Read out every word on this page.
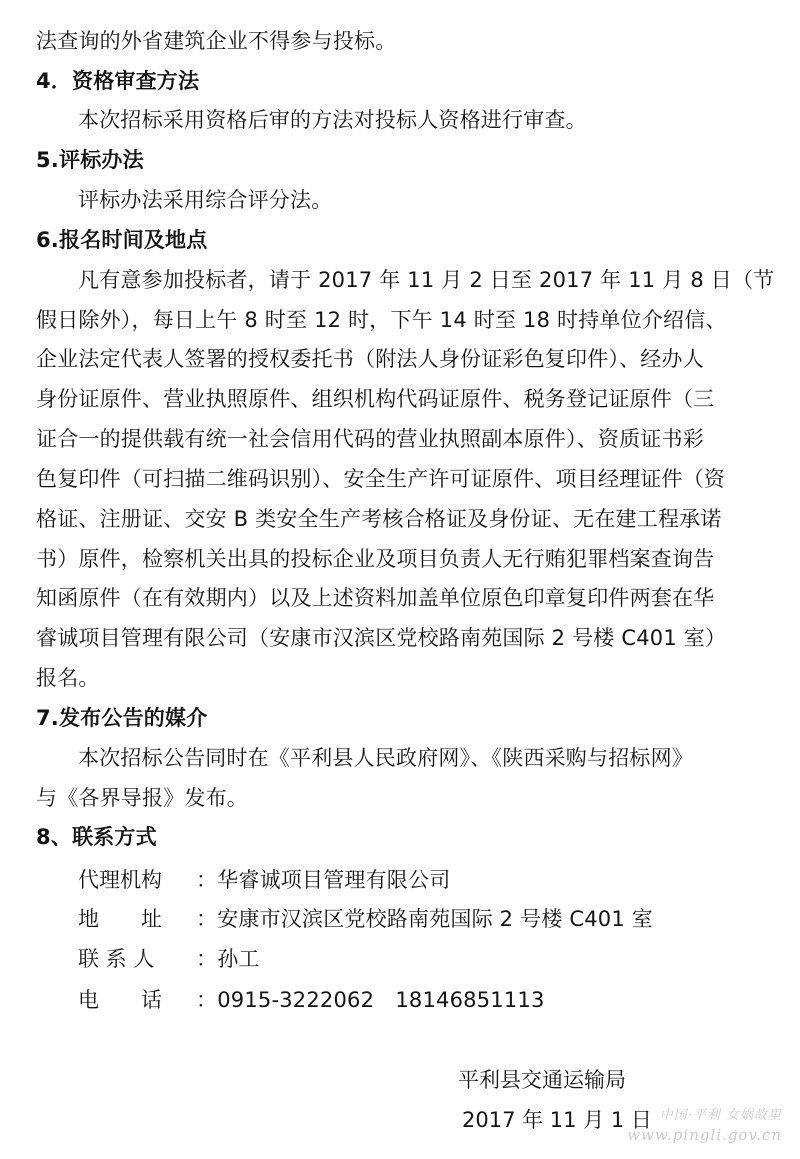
法查询的外省建筑企业不得参与投标。
4．资格审查方法
本次招标采用资格后审的方法对投标人资格进行审查。
5.评标办法
评标办法采用综合评分法。
6.报名时间及地点
凡有意参加投标者，请于 2017 年 11 月 2 日至 2017 年 11 月 8 日（节
假日除外），每日上午 8 时至 12 时，下午 14 时至 18 时持单位介绍信、
企业法定代表人签署的授权委托书（附法人身份证彩色复印件）、经办人
身份证原件、营业执照原件、组织机构代码证原件、税务登记证原件（三
证合一的提供载有统一社会信用代码的营业执照副本原件）、资质证书彩
色复印件（可扫描二维码识别）、安全生产许可证原件、项目经理证件（资
格证、注册证、交安 B 类安全生产考核合格证及身份证、无在建工程承诺
书）原件，检察机关出具的投标企业及项目负责人无行贿犯罪档案查询告
知函原件（在有效期内）以及上述资料加盖单位原色印章复印件两套在华
睿诚项目管理有限公司（安康市汉滨区党校路南苑国际 2 号楼 C401 室）
报名。
7.发布公告的媒介
本次招标公告同时在《平利县人民政府网》、《陕西采购与招标网》
与《各界导报》发布。
8、联系方式
代理机构 ：华睿诚项目管理有限公司
地　　址 ：安康市汉滨区党校路南苑国际 2 号楼 C401 室
联 系 人 ：孙工
电　　话 ：0915-3222062　18146851113
平利县交通运输局
2017 年 11 月 1 日 中国·平利 女娲故里
www.pingli.gov.cn
